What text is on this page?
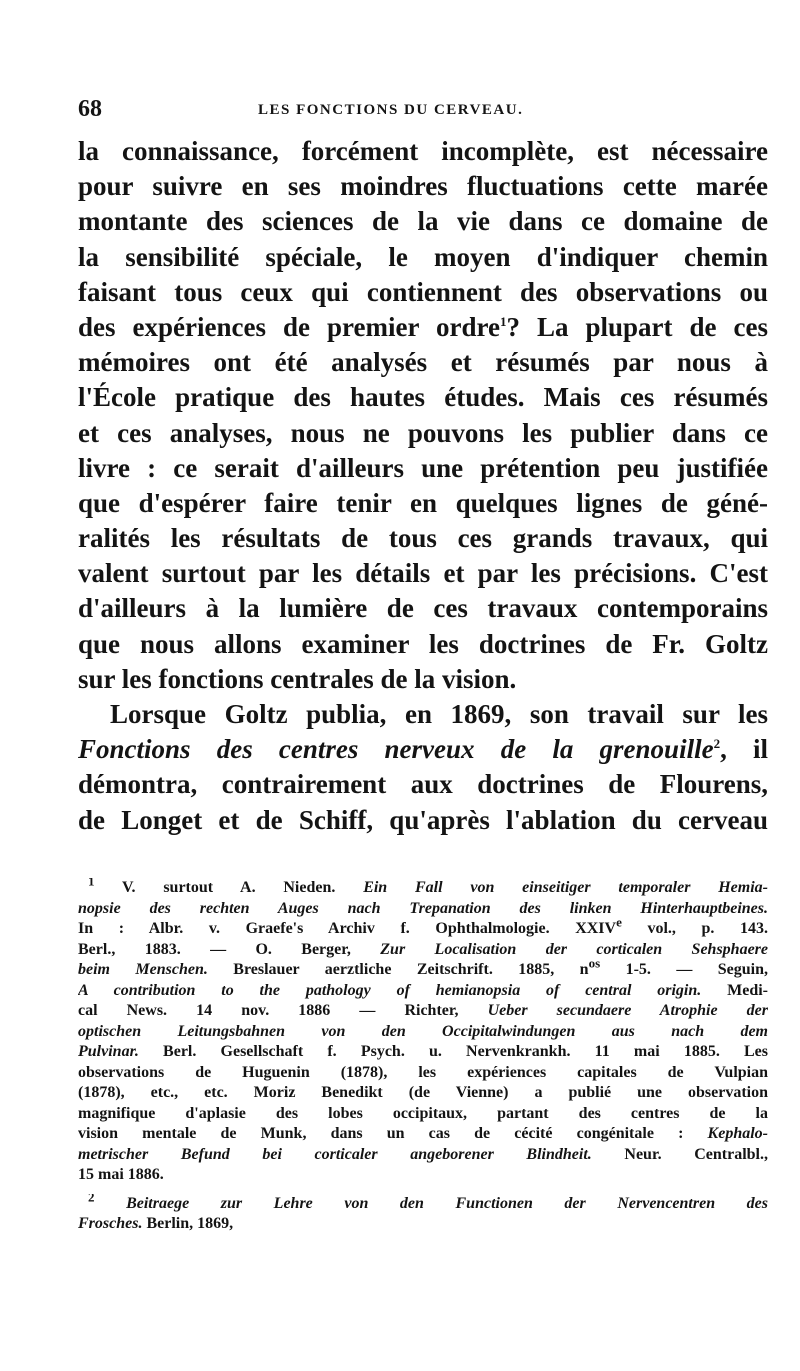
68	LES FONCTIONS DU CERVEAU.
la connaissance, forcément incomplète, est nécessaire
pour suivre en ses moindres fluctuations cette marée
montante des sciences de la vie dans ce domaine de
la sensibilité spéciale, le moyen d'indiquer chemin
faisant tous ceux qui contiennent des observations ou
des expériences de premier ordre$^1$? La plupart de ces
mémoires ont été analysés et résumés par nous à
l'École pratique des hautes études. Mais ces résumés
et ces analyses, nous ne pouvons les publier dans ce
livre : ce serait d'ailleurs une prétention peu justifiée
que d'espérer faire tenir en quelques lignes de géné-
ralités les résultats de tous ces grands travaux, qui
valent surtout par les détails et par les précisions. C'est
d'ailleurs à la lumière de ces travaux contemporains
que nous allons examiner les doctrines de Fr. Goltz
sur les fonctions centrales de la vision.
Lorsque Goltz publia, en 1869, son travail sur les
Fonctions des centres nerveux de la grenouille$^2$, il
démontra, contrairement aux doctrines de Flourens,
de Longet et de Schiff, qu'après l'ablation du cerveau
$^1$ V. surtout A. Nieden. Ein Fall von einseitiger temporaler Hemia-
nopsie des rechten Auges nach Trepanation des linken Hinterhauptbeines.
In : Albr. v. Graefe's Archiv f. Ophthalmologie. XXIVe vol., p. 143.
Berl., 1883. — O. Berger, Zur Localisation der corticalen Sehsphaere
beim Menschen. Breslauer aerztliche Zeitschrift. 1885, $n^{os}$ 1-5. — Seguin,
A contribution to the pathology of hemianopsia of central origin. Medi-
cal News. 14 nov. 1886 — Richter, Ueber secundaere Atrophie der
optischen Leitungsbahnen von den Occipitalwindungen aus nach dem
Pulvinar. Berl. Gesellschaft f. Psych. u. Nervenkrankh. 11 mai 1885. Les
observations de Huguenin (1878), les expériences capitales de Vulpian
(1878), etc., etc. Moriz Benedikt (de Vienne) a publié une observation
magnifique d'aplasie des lobes occipitaux, partant des centres de la
vision mentale de Munk, dans un cas de cécité congénitale : Kephalo-
metrischer Befund bei corticaler angeborener Blindheit. Neur. Centralbl.,
15 mai 1886.
$^2$ Beitraege zur Lehre von den Functionen der Nervencentren des
Frosches. Berlin, 1869,
